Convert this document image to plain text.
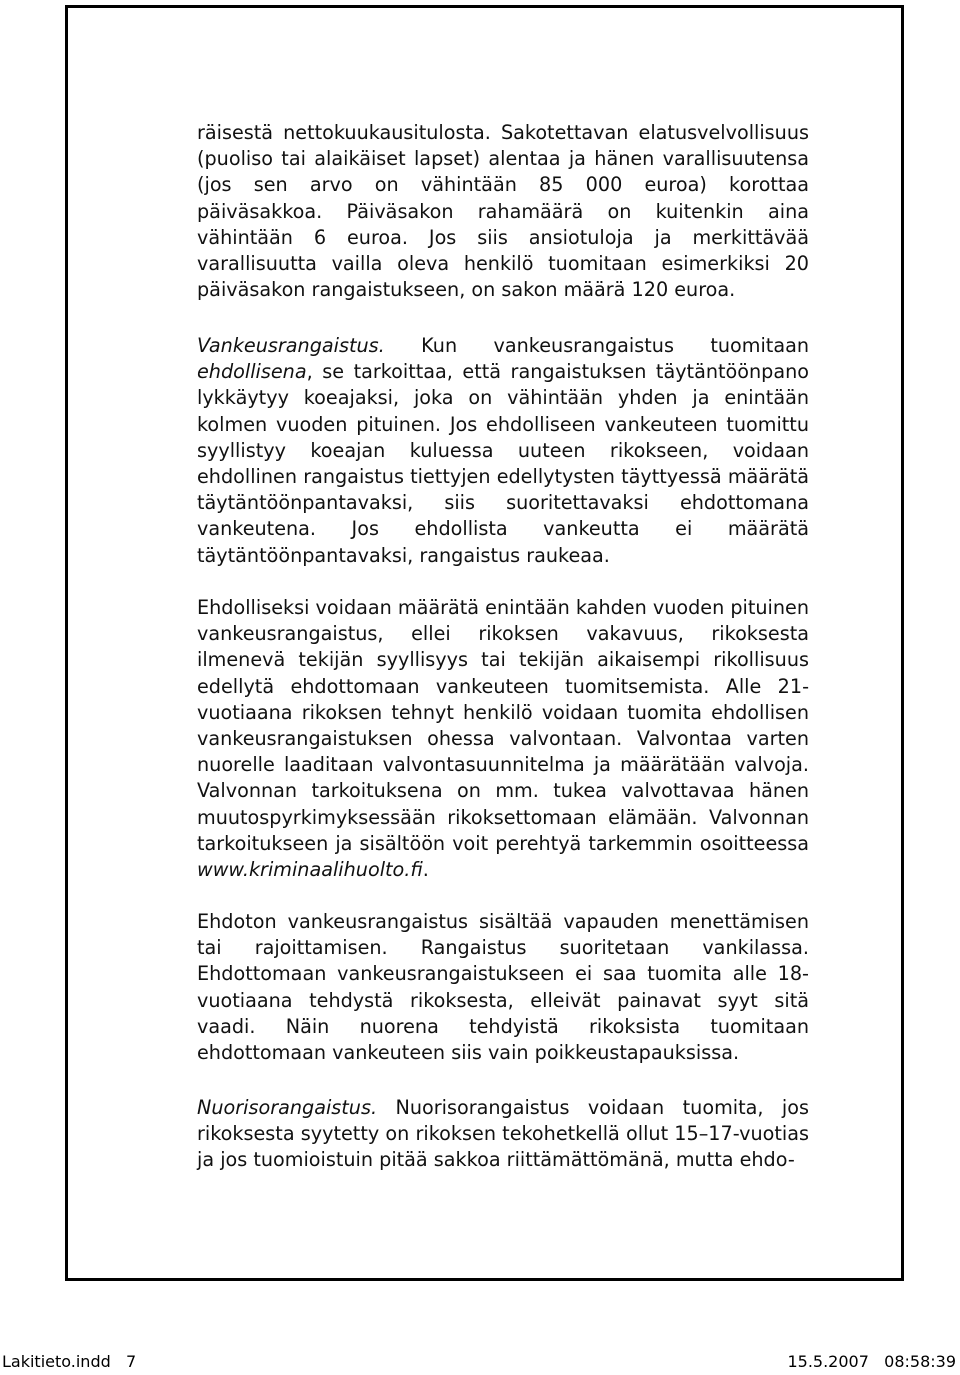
räisestä nettokuukausitulosta. Sakotettavan elatusvelvollisuus (puoliso tai alaikäiset lapset) alentaa ja hänen varallisuutensa (jos sen arvo on vähintään 85 000 euroa) korottaa päiväsakkoa. Päiväsakon rahamäärä on kuitenkin aina vähintään 6 euroa. Jos siis ansiotuloja ja merkittävää varallisuutta vailla oleva henkilö tuomitaan esimerkiksi 20 päiväsakon rangaistukseen, on sakon määrä 120 euroa.

Vankeusrangaistus. Kun vankeusrangaistus tuomitaan ehdollisena, se tarkoittaa, että rangaistuksen täytäntöönpano lykkäytyy koeajaksi, joka on vähintään yhden ja enintään kolmen vuoden pituinen. Jos ehdolliseen vankeuteen tuomittu syyllistyy koeajan kuluessa uuteen rikokseen, voidaan ehdollinen rangaistus tiettyjen edellytysten täyttyessä määrätä täytäntöönpantavaksi, siis suoritettavaksi ehdottomana vankeutena. Jos ehdollista vankeutta ei määrätä täytäntöönpantavaksi, rangaistus raukeaa.

Ehdolliseksi voidaan määrätä enintään kahden vuoden pituinen vankeusrangaistus, ellei rikoksen vakavuus, rikoksesta ilmenevä tekijän syyllisyys tai tekijän aikaisempi rikollisuus edellytä ehdottomaan vankeuteen tuomitsemista. Alle 21-vuotiaana rikoksen tehnyt henkilö voidaan tuomita ehdollisen vankeusrangaistuksen ohessa valvontaan. Valvontaa varten nuorelle laaditaan valvontasuunnitelma ja määrätään valvoja. Valvonnan tarkoituksena on mm. tukea valvottavaa hänen muutospyrkimyksessään rikoksettomaan elämään. Valvonnan tarkoitukseen ja sisältöön voit perehtyä tarkemmin osoitteessa www.kriminaalihuolto.fi.

Ehdoton vankeusrangaistus sisältää vapauden menettämisen tai rajoittamisen. Rangaistus suoritetaan vankilassa. Ehdottomaan vankeusrangaistukseen ei saa tuomita alle 18-vuotiaana tehdystä rikoksesta, elleivät painavat syyt sitä vaadi. Näin nuorena tehdyistä rikoksista tuomitaan ehdottomaan vankeuteen siis vain poikkeustapauksissa.

Nuorisorangaistus. Nuorisorangaistus voidaan tuomita, jos rikoksesta syytetty on rikoksen tekohetkellä ollut 15–17-vuotias ja jos tuomioistuin pitää sakkoa riittämättömänä, mutta ehdo-

Lakitieto.indd   7	15.5.2007   08:58:39
